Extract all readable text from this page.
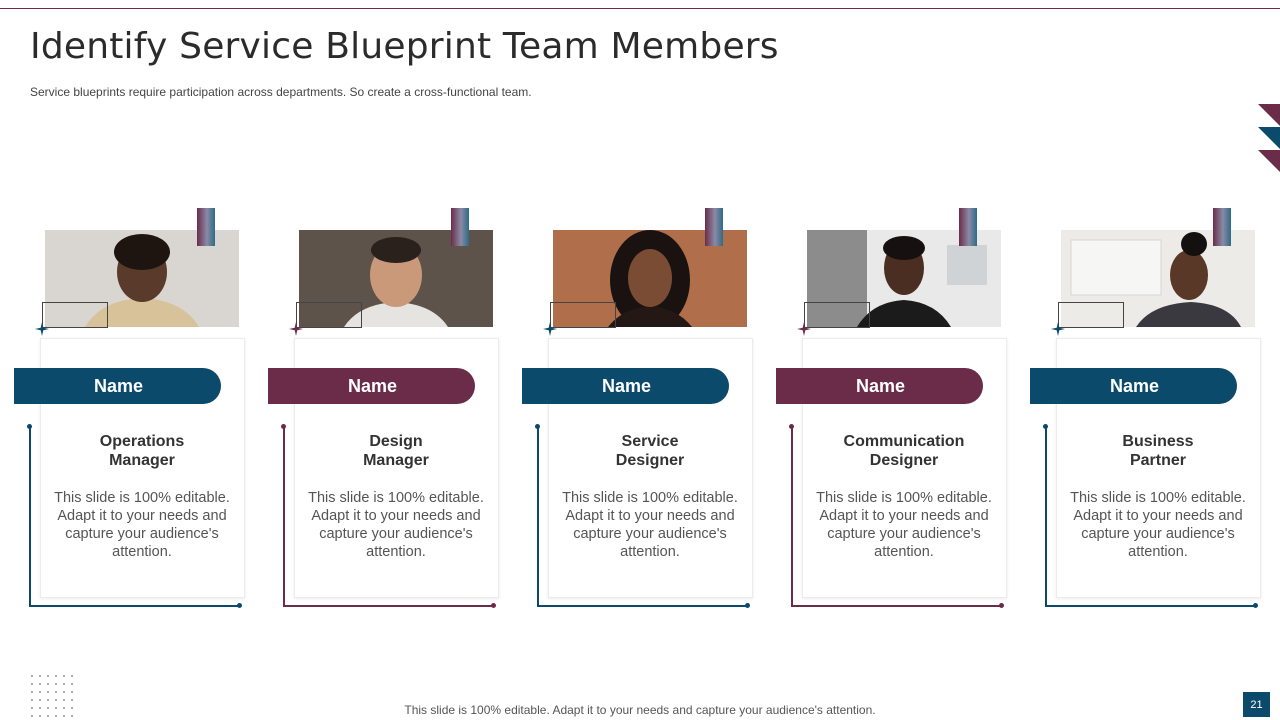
Identify Service Blueprint Team Members
Service blueprints require participation across departments. So create a cross-functional team.
Name
Operations
Manager
This slide is 100% editable. Adapt it to your needs and capture your audience's attention.
Name
Design
Manager
This slide is 100% editable. Adapt it to your needs and capture your audience's attention.
Name
Service
Designer
This slide is 100% editable. Adapt it to your needs and capture your audience's attention.
Name
Communication
Designer
This slide is 100% editable. Adapt it to your needs and capture your audience's attention.
Name
Business
Partner
This slide is 100% editable. Adapt it to your needs and capture your audience's attention.
This slide is 100% editable. Adapt it to your needs and capture your audience's attention.	21
